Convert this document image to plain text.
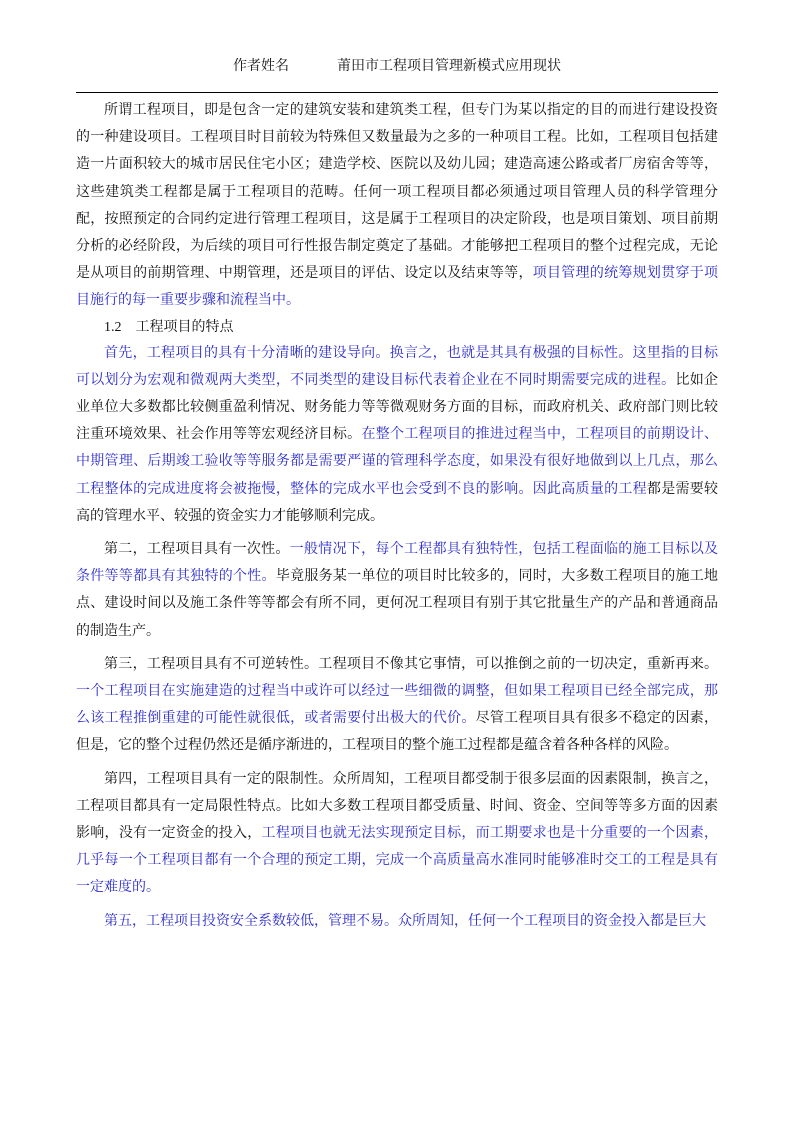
作者姓名	莆田市工程项目管理新模式应用现状

所谓工程项目，即是包含一定的建筑安装和建筑类工程，但专门为某以指定的目的而进行建设投资的一种建设项目。工程项目时目前较为特殊但又数量最为之多的一种项目工程。比如，工程项目包括建造一片面积较大的城市居民住宅小区；建造学校、医院以及幼儿园；建造高速公路或者厂房宿舍等等，这些建筑类工程都是属于工程项目的范畴。任何一项工程项目都必须通过项目管理人员的科学管理分配，按照预定的合同约定进行管理工程项目，这是属于工程项目的决定阶段，也是项目策划、项目前期分析的必经阶段，为后续的项目可行性报告制定奠定了基础。才能够把工程项目的整个过程完成，无论是从项目的前期管理、中期管理，还是项目的评估、设定以及结束等等，项目管理的统筹规划贯穿于项目施行的每一重要步骤和流程当中。

1.2 工程项目的特点

首先，工程项目的具有十分清晰的建设导向。换言之，也就是其具有极强的目标性。这里指的目标可以划分为宏观和微观两大类型，不同类型的建设目标代表着企业在不同时期需要完成的进程。比如企业单位大多数都比较侧重盈利情况、财务能力等等微观财务方面的目标，而政府机关、政府部门则比较注重环境效果、社会作用等等宏观经济目标。在整个工程项目的推进过程当中，工程项目的前期设计、中期管理、后期竣工验收等等服务都是需要严谨的管理科学态度，如果没有很好地做到以上几点，那么工程整体的完成进度将会被拖慢，整体的完成水平也会受到不良的影响。因此高质量的工程都是需要较高的管理水平、较强的资金实力才能够顺利完成。

第二，工程项目具有一次性。一般情况下，每个工程都具有独特性，包括工程面临的施工目标以及条件等等都具有其独特的个性。毕竟服务某一单位的项目时比较多的，同时，大多数工程项目的施工地点、建设时间以及施工条件等等都会有所不同，更何况工程项目有别于其它批量生产的产品和普通商品的制造生产。

第三，工程项目具有不可逆转性。工程项目不像其它事情，可以推倒之前的一切决定，重新再来。一个工程项目在实施建造的过程当中或许可以经过一些细微的调整，但如果工程项目已经全部完成，那么该工程推倒重建的可能性就很低，或者需要付出极大的代价。尽管工程项目具有很多不稳定的因素，但是，它的整个过程仍然还是循序渐进的，工程项目的整个施工过程都是蕴含着各种各样的风险。

第四，工程项目具有一定的限制性。众所周知，工程项目都受制于很多层面的因素限制，换言之，工程项目都具有一定局限性特点。比如大多数工程项目都受质量、时间、资金、空间等等多方面的因素影响，没有一定资金的投入，工程项目也就无法实现预定目标，而工期要求也是十分重要的一个因素，几乎每一个工程项目都有一个合理的预定工期，完成一个高质量高水准同时能够准时交工的工程是具有一定难度的。

第五，工程项目投资安全系数较低，管理不易。众所周知，任何一个工程项目的资金投入都是巨大
